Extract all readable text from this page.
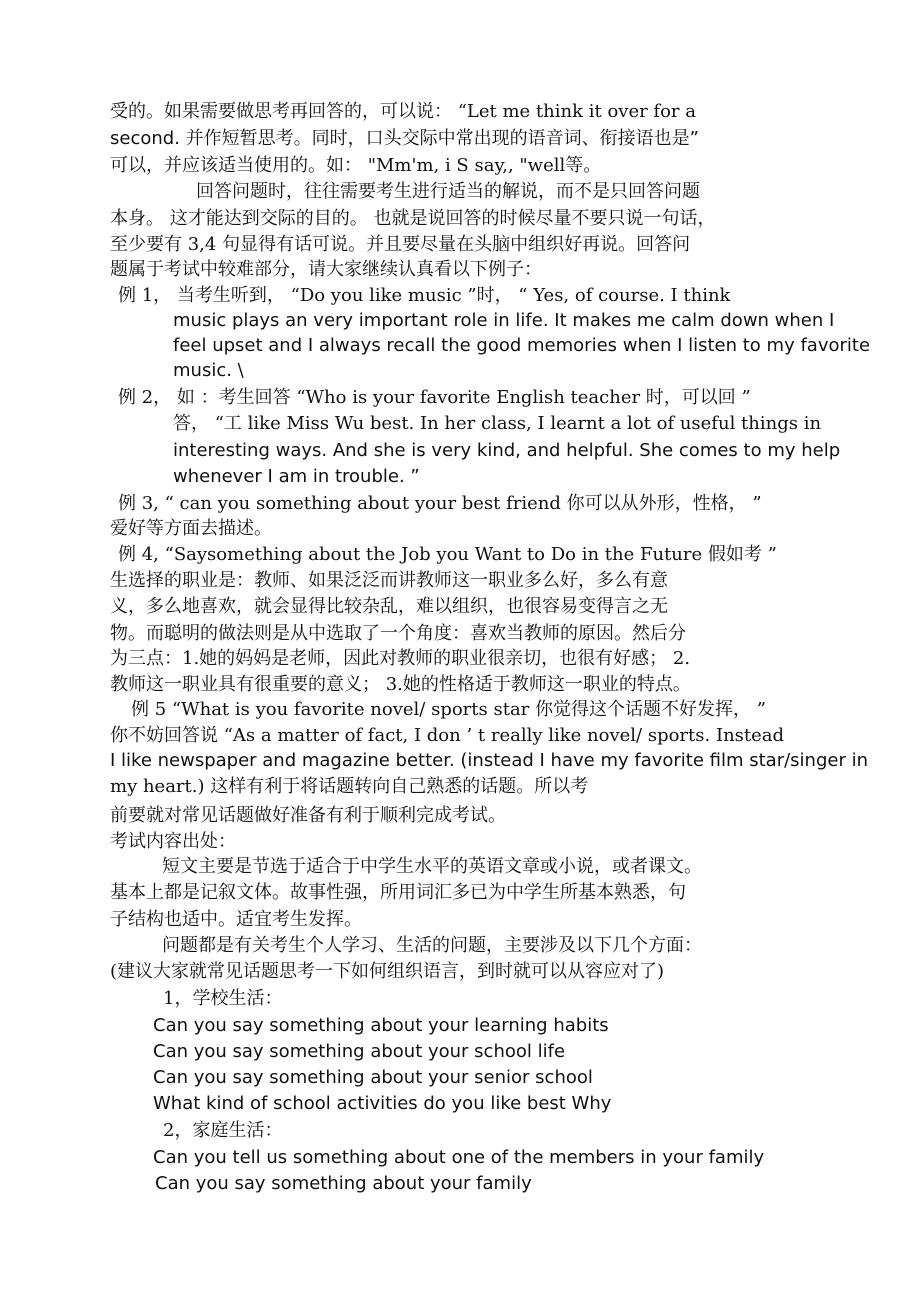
受的。如果需要做思考再回答的，可以说： “Let me think it over for a
second. 并作短暂思考。同时，口头交际中常出现的语音词、衔接语也是”
可以，并应该适当使用的。如： "Mm'm, i S say,, "well等。
回答问题时，往往需要考生进行适当的解说，而不是只回答问题
本身。 这才能达到交际的目的。 也就是说回答的时候尽量不要只说一句话，
至少要有 3,4 句显得有话可说。并且要尽量在头脑中组织好再说。回答问
题属于考试中较难部分，请大家继续认真看以下例子：
例 1， 当考生听到， “Do you like music ”时， “ Yes, of course. I think
music plays an very important role in life. It makes me calm down when I
feel upset and I always recall the good memories when I listen to my favorite
music. \
例 2， 如 ：考生回答 “Who is your favorite English teacher 时，可以回 ”
答， “工 like Miss Wu best. In her class, I learnt a lot of useful things in
interesting ways. And she is very kind, and helpful. She comes to my help
whenever I am in trouble. ”
例 3, “ can you something about your best friend 你可以从外形，性格， ”
爱好等方面去描述。
例 4, “Saysomething about the Job you Want to Do in the Future 假如考 ”
生选择的职业是：教师、如果泛泛而讲教师这一职业多么好，多么有意
义，多么地喜欢，就会显得比较杂乱，难以组织，也很容易变得言之无
物。而聪明的做法则是从中选取了一个角度：喜欢当教师的原因。然后分
为三点：1.她的妈妈是老师，因此对教师的职业很亲切，也很有好感； 2.
教师这一职业具有很重要的意义； 3.她的性格适于教师这一职业的特点。
例 5 “What is you favorite novel/ sports star 你觉得这个话题不好发挥， ”
你不妨回答说 “As a matter of fact, I don ’ t really like novel/ sports. Instead
I like newspaper and magazine better. (instead I have my favorite film star/singer in
my heart.) 这样有利于将话题转向自己熟悉的话题。所以考
前要就对常见话题做好准备有利于顺利完成考试。
考试内容出处：
短文主要是节选于适合于中学生水平的英语文章或小说，或者课文。
基本上都是记叙文体。故事性强，所用词汇多已为中学生所基本熟悉，句
子结构也适中。适宜考生发挥。
问题都是有关考生个人学习、生活的问题，主要涉及以下几个方面：
(建议大家就常见话题思考一下如何组织语言，到时就可以从容应对了)
1，学校生活：
Can you say something about your learning habits
Can you say something about your school life
Can you say something about your senior school
What kind of school activities do you like best Why
2，家庭生活：
Can you tell us something about one of the members in your family
Can you say something about your family
